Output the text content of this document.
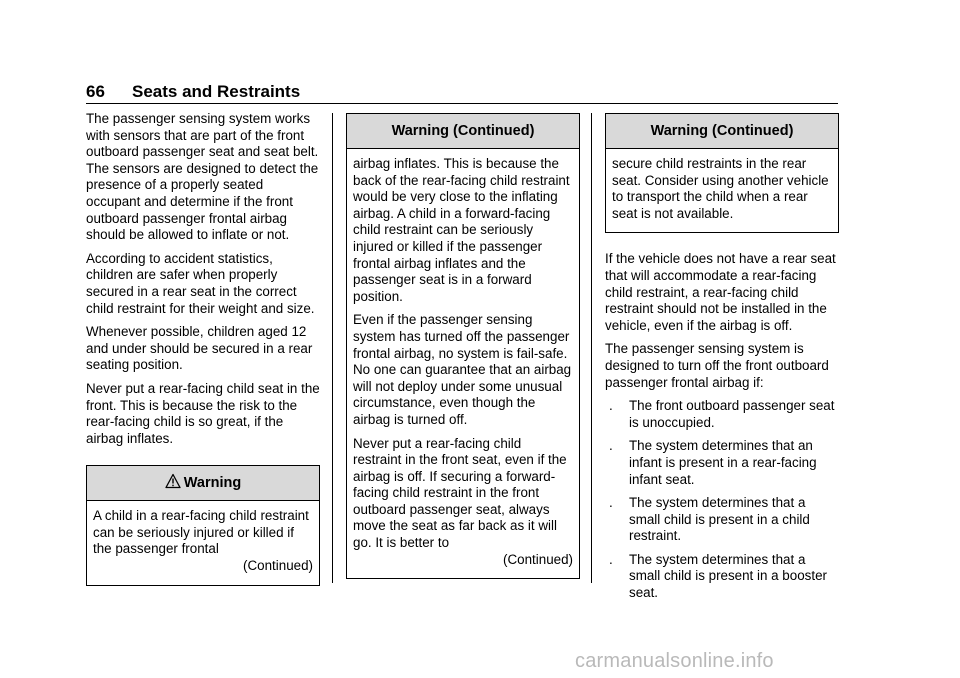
66 Seats and Restraints

The passenger sensing system works with sensors that are part of the front outboard passenger seat and seat belt. The sensors are designed to detect the presence of a properly seated occupant and determine if the front outboard passenger frontal airbag should be allowed to inflate or not.

According to accident statistics, children are safer when properly secured in a rear seat in the correct child restraint for their weight and size.

Whenever possible, children aged 12 and under should be secured in a rear seating position.

Never put a rear-facing child seat in the front. This is because the risk to the rear-facing child is so great, if the airbag inflates.

Warning

A child in a rear-facing child restraint can be seriously injured or killed if the passenger frontal

(Continued)

Warning (Continued)

airbag inflates. This is because the back of the rear-facing child restraint would be very close to the inflating airbag. A child in a forward-facing child restraint can be seriously injured or killed if the passenger frontal airbag inflates and the passenger seat is in a forward position.

Even if the passenger sensing system has turned off the passenger frontal airbag, no system is fail-safe. No one can guarantee that an airbag will not deploy under some unusual circumstance, even though the airbag is turned off.

Never put a rear-facing child restraint in the front seat, even if the airbag is off. If securing a forward-facing child restraint in the front outboard passenger seat, always move the seat as far back as it will go. It is better to

(Continued)

Warning (Continued)

secure child restraints in the rear seat. Consider using another vehicle to transport the child when a rear seat is not available.

If the vehicle does not have a rear seat that will accommodate a rear-facing child restraint, a rear-facing child restraint should not be installed in the vehicle, even if the airbag is off.

The passenger sensing system is designed to turn off the front outboard passenger frontal airbag if:

. The front outboard passenger seat is unoccupied.
. The system determines that an infant is present in a rear-facing infant seat.
. The system determines that a small child is present in a child restraint.
. The system determines that a small child is present in a booster seat.
carmanualsonline.info
